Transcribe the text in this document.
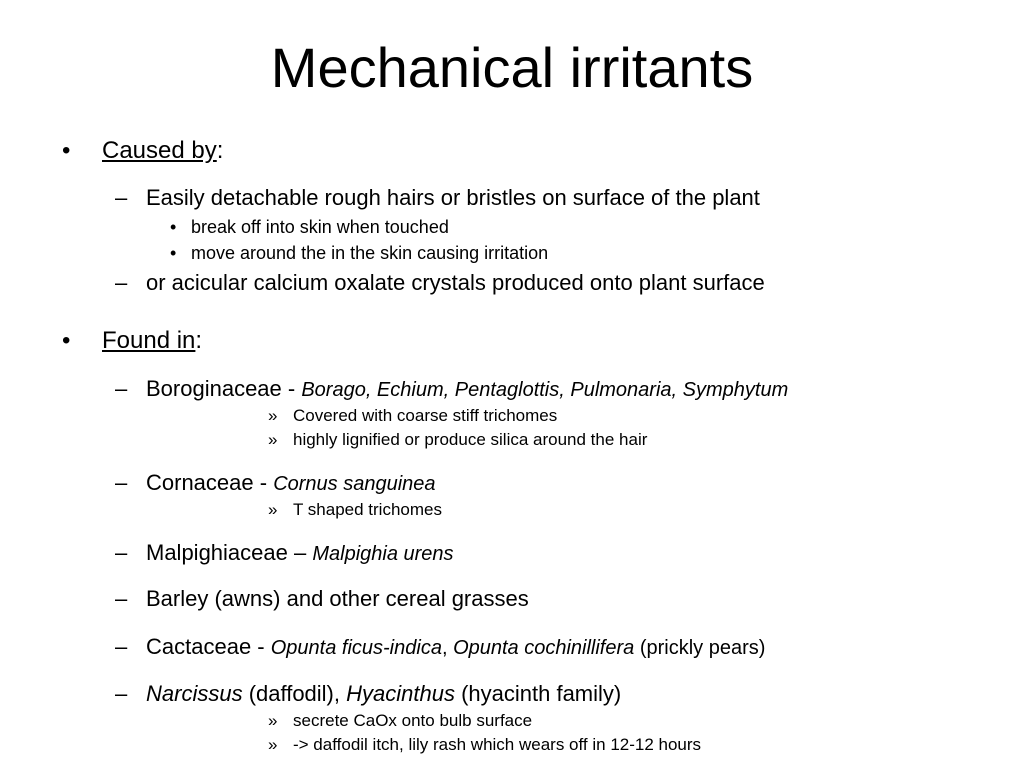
Mechanical irritants
• Caused by:
– Easily detachable rough hairs or bristles on surface of the plant
• break off into skin when touched
• move around the in the skin causing irritation
– or acicular calcium oxalate crystals produced onto plant surface
• Found in:
– Boroginaceae - Borago, Echium, Pentaglottis, Pulmonaria, Symphytum
» Covered with coarse stiff trichomes
» highly lignified or produce silica around the hair
– Cornaceae - Cornus sanguinea
» T shaped trichomes
– Malpighiaceae – Malpighia urens
– Barley (awns) and other cereal grasses
– Cactaceae - Opunta ficus-indica, Opunta cochinillifera (prickly pears)
– Narcissus (daffodil), Hyacinthus (hyacinth family)
» secrete CaOx onto bulb surface
» -> daffodil itch, lily rash which wears off in 12-12 hours
